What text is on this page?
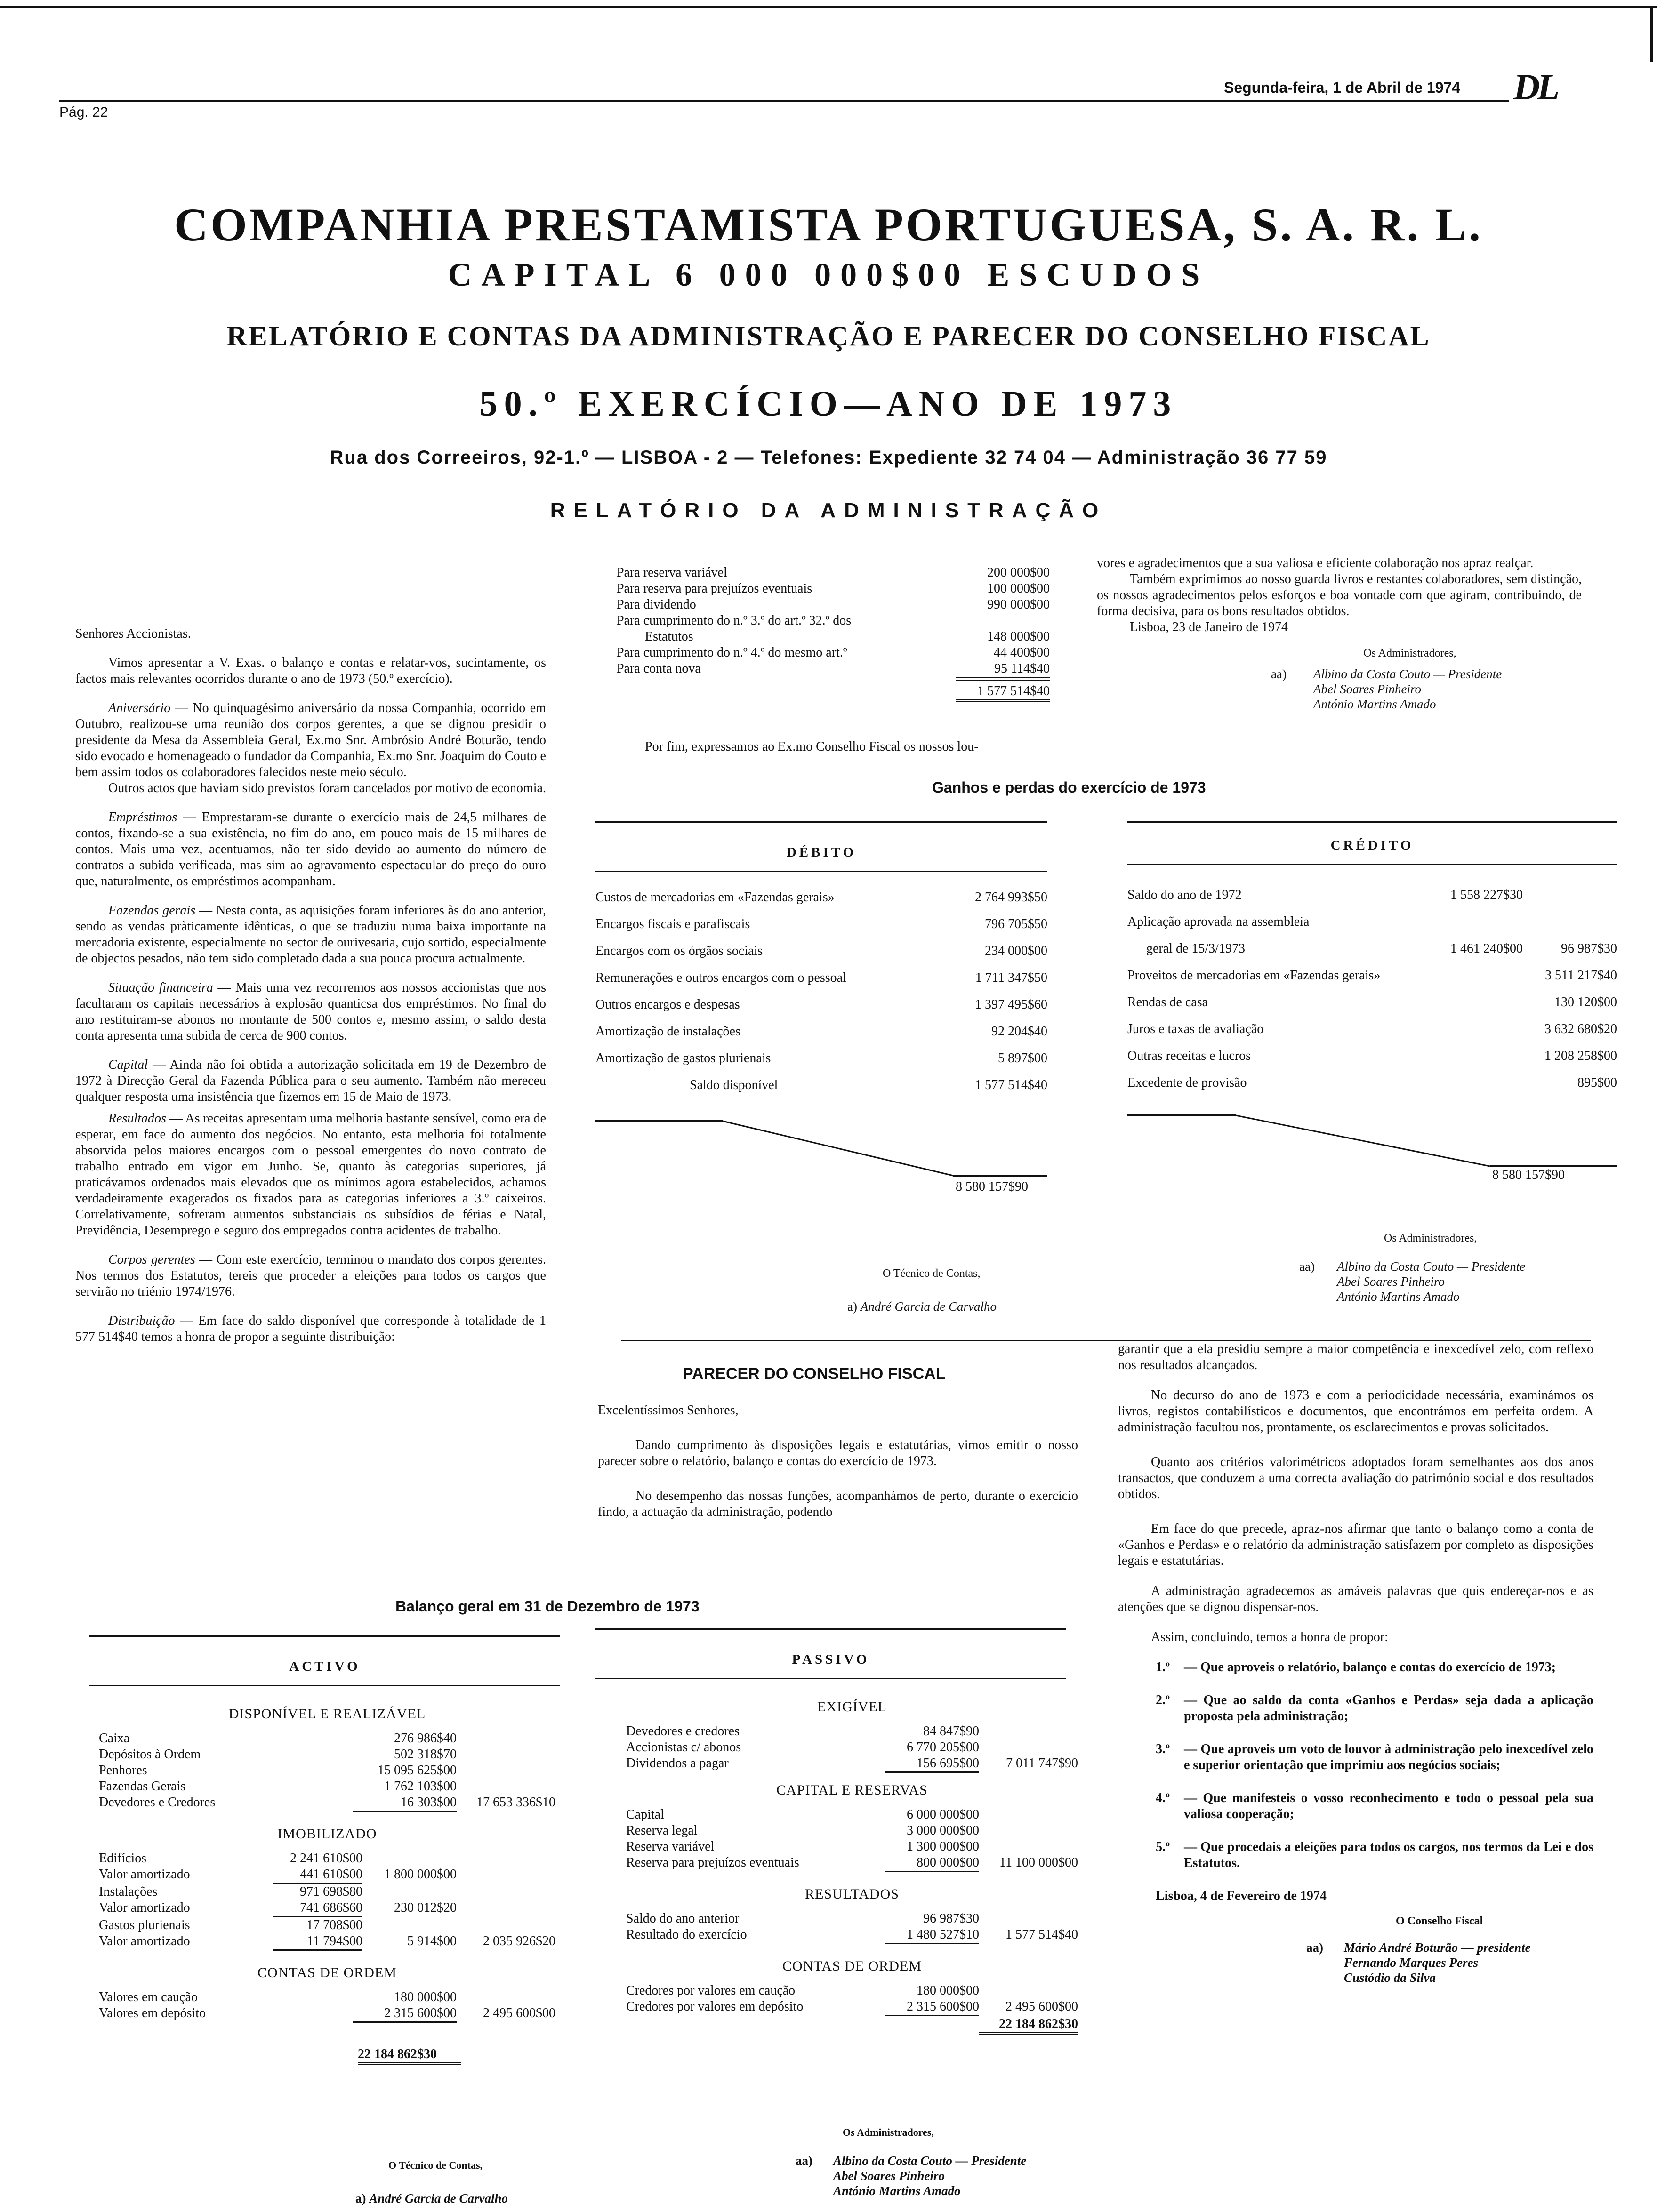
Pág. 22
Segunda-feira, 1 de Abril de 1974 DL
COMPANHIA PRESTAMISTA PORTUGUESA, S. A. R. L.
CAPITAL 6 000 000$00 ESCUDOS
RELATÓRIO E CONTAS DA ADMINISTRAÇÃO E PARECER DO CONSELHO FISCAL
50.º EXERCÍCIO—ANO DE 1973
Rua dos Correeiros, 92-1.º — LISBOA - 2 — Telefones: Expediente 32 74 04 — Administração 36 77 59
RELATÓRIO DA ADMINISTRAÇÃO
Senhores Accionistas.
Vimos apresentar a V. Exas. o balanço e contas e relatar-vos, sucintamente, os factos mais relevantes ocorridos durante o ano de 1973 (50.º exercício).
Aniversário — No quinquagésimo aniversário da nossa Companhia, ocorrido em Outubro, realizou-se uma reunião dos corpos gerentes, a que se dignou presidir o presidente da Mesa da Assembleia Geral, Ex.mo Snr. Ambrósio André Boturão, tendo sido evocado e homenageado o fundador da Companhia, Ex.mo Snr. Joaquim do Couto e bem assim todos os colaboradores falecidos neste meio século.
Outros actos que haviam sido previstos foram cancelados por motivo de economia.
Empréstimos — Emprestaram-se durante o exercício mais de 24,5 milhares de contos, fixando-se a sua existência, no fim do ano, em pouco mais de 15 milhares de contos. Mais uma vez, acentuamos, não ter sido devido ao aumento do número de contratos a subida verificada, mas sim ao agravamento espectacular do preço do ouro que, naturalmente, os empréstimos acompanham.
Fazendas gerais — Nesta conta, as aquisições foram inferiores às do ano anterior, sendo as vendas pràticamente idênticas, o que se traduziu numa baixa importante na mercadoria existente, especialmente no sector de ourivesaria, cujo sortido, especialmente de objectos pesados, não tem sido completado dada a sua pouca procura actualmente.
Situação financeira — Mais uma vez recorremos aos nossos accionistas que nos facultaram os capitais necessários à explosão quanticsa dos empréstimos. No final do ano restituiram-se abonos no montante de 500 contos e, mesmo assim, o saldo desta conta apresenta uma subida de cerca de 900 contos.
Capital — Ainda não foi obtida a autorização solicitada em 19 de Dezembro de 1972 à Direcção Geral da Fazenda Pública para o seu aumento. Também não mereceu qualquer resposta uma insistência que fizemos em 15 de Maio de 1973.
Resultados — As receitas apresentam uma melhoria bastante sensível, como era de esperar, em face do aumento dos negócios. No entanto, esta melhoria foi totalmente absorvida pelos maiores encargos com o pessoal emergentes do novo contrato de trabalho entrado em vigor em Junho. Se, quanto às categorias superiores, já praticávamos ordenados mais elevados que os mínimos agora estabelecidos, achamos verdadeiramente exagerados os fixados para as categorias inferiores a 3.º caixeiros. Correlativamente, sofreram aumentos substanciais os subsídios de férias e Natal, Previdência, Desemprego e seguro dos empregados contra acidentes de trabalho.
Corpos gerentes — Com este exercício, terminou o mandato dos corpos gerentes. Nos termos dos Estatutos, tereis que proceder a eleições para todos os cargos que servirão no triénio 1974/1976.
Distribuição — Em face do saldo disponível que corresponde à totalidade de 1 577 514$40 temos a honra de propor a seguinte distribuição:
Para reserva variável	200 000$00
Para reserva para prejuízos eventuais	100 000$00
Para dividendo	990 000$00
Para cumprimento do n.º 3.º do art.º 32.º dos
Estatutos	148 000$00
Para cumprimento do n.º 4.º do mesmo art.º	44 400$00
Para conta nova	95 114$40
1 577 514$40
Por fim, expressamos ao Ex.mo Conselho Fiscal os nossos lou-
vores e agradecimentos que a sua valiosa e eficiente colaboração nos apraz realçar.
Também exprimimos ao nosso guarda livros e restantes colaboradores, sem distinção, os nossos agradecimentos pelos esforços e boa vontade com que agiram, contribuindo, de forma decisiva, para os bons resultados obtidos.
Lisboa, 23 de Janeiro de 1974
Os Administradores,
aa)	Albino da Costa Couto — Presidente
Abel Soares Pinheiro
António Martins Amado
Ganhos e perdas do exercício de 1973
DÉBITO	CRÉDITO
Custos de mercadorias em «Fazendas gerais»	2 764 993$50
Encargos fiscais e parafiscais	796 705$50
Encargos com os órgãos sociais	234 000$00
Remunerações e outros encargos com o pessoal	1 711 347$50
Outros encargos e despesas	1 397 495$60
Amortização de instalações	92 204$40
Amortização de gastos plurienais	5 897$00
Saldo disponível	1 577 514$40
Saldo do ano de 1972	1 558 227$30
Aplicação aprovada na assembleia
geral de 15/3/1973	1 461 240$00	96 987$30
Proveitos de mercadorias em «Fazendas gerais»	3 511 217$40
Rendas de casa	130 120$00
Juros e taxas de avaliação	3 632 680$20
Outras receitas e lucros	1 208 258$00
Excedente de provisão	895$00
8 580 157$90
8 580 157$90
O Técnico de Contas,
a) André Garcia de Carvalho
Os Administradores,
aa)	Albino da Costa Couto — Presidente
Abel Soares Pinheiro
António Martins Amado
PARECER DO CONSELHO FISCAL
Excelentíssimos Senhores,
Dando cumprimento às disposições legais e estatutárias, vimos emitir o nosso parecer sobre o relatório, balanço e contas do exercício de 1973.
No desempenho das nossas funções, acompanhámos de perto, durante o exercício findo, a actuação da administração, podendo
garantir que a ela presidiu sempre a maior competência e inexcedível zelo, com reflexo nos resultados alcançados.
No decurso do ano de 1973 e com a periodicidade necessária, examinámos os livros, registos contabilísticos e documentos, que encontrámos em perfeita ordem. A administração facultou nos, prontamente, os esclarecimentos e provas solicitados.
Quanto aos critérios valorimétricos adoptados foram semelhantes aos dos anos transactos, que conduzem a uma correcta avaliação do património social e dos resultados obtidos.
Em face do que precede, apraz-nos afirmar que tanto o balanço como a conta de «Ganhos e Perdas» e o relatório da administração satisfazem por completo as disposições legais e estatutárias.
A administração agradecemos as amáveis palavras que quis endereçar-nos e as atenções que se dignou dispensar-nos.
Assim, concluindo, temos a honra de propor:
1.º	— Que aproveis o relatório, balanço e contas do exercício de 1973;
2.º	— Que ao saldo da conta «Ganhos e Perdas» seja dada a aplicação proposta pela administração;
3.º	— Que aproveis um voto de louvor à administração pelo inexcedível zelo e superior orientação que imprimiu aos negócios sociais;
4.º	— Que manifesteis o vosso reconhecimento e todo o pessoal pela sua valiosa cooperação;
5.º	— Que procedais a eleições para todos os cargos, nos termos da Lei e dos Estatutos.
Lisboa, 4 de Fevereiro de 1974
O Conselho Fiscal
aa)	Mário André Boturão — presidente
Fernando Marques Peres
Custódio da Silva
Balanço geral em 31 de Dezembro de 1973
ACTIVO	PASSIVO
DISPONÍVEL E REALIZÁVEL
Caixa	276 986$40
Depósitos à Ordem	502 318$70
Penhores	15 095 625$00
Fazendas Gerais	1 762 103$00
Devedores e Credores	16 303$00	17 653 336$10
IMOBILIZADO
Edifícios	2 241 610$00
Valor amortizado	441 610$00	1 800 000$00
Instalações	971 698$80
Valor amortizado	741 686$60	230 012$20
Gastos plurienais	17 708$00
Valor amortizado	11 794$00	5 914$00	2 035 926$20
CONTAS DE ORDEM
Valores em caução	180 000$00
Valores em depósito	2 315 600$00	2 495 600$00
22 184 862$30
EXIGÍVEL
Devedores e credores	84 847$90
Accionistas c/ abonos	6 770 205$00
Dividendos a pagar	156 695$00	7 011 747$90
CAPITAL E RESERVAS
Capital	6 000 000$00
Reserva legal	3 000 000$00
Reserva variável	1 300 000$00
Reserva para prejuízos eventuais	800 000$00	11 100 000$00
RESULTADOS
Saldo do ano anterior	96 987$30
Resultado do exercício	1 480 527$10	1 577 514$40
CONTAS DE ORDEM
Credores por valores em caução	180 000$00
Credores por valores em depósito	2 315 600$00	2 495 600$00
22 184 862$30
O Técnico de Contas,
a) André Garcia de Carvalho
Os Administradores,
aa)	Albino da Costa Couto — Presidente
Abel Soares Pinheiro
António Martins Amado
